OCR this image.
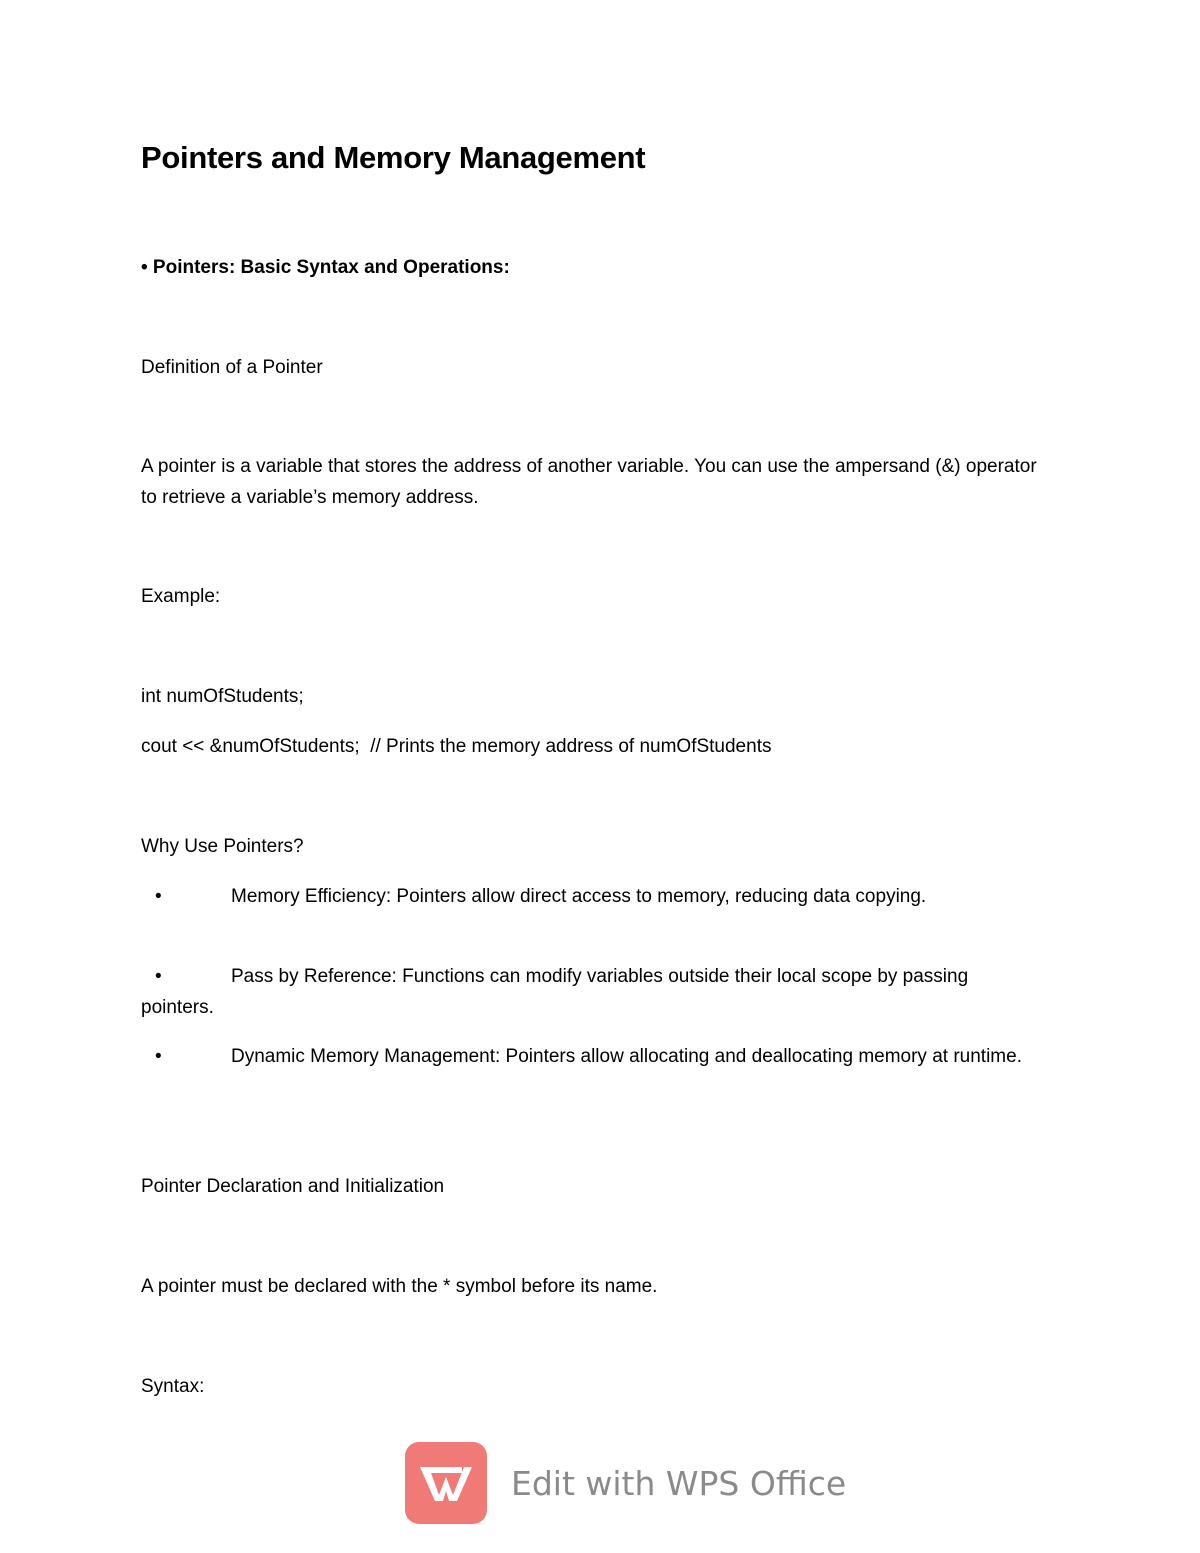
Pointers and Memory Management
• Pointers: Basic Syntax and Operations:
Definition of a Pointer
A pointer is a variable that stores the address of another variable. You can use the ampersand (&) operator to retrieve a variable’s memory address.
Example:
int numOfStudents;
cout << &numOfStudents;  // Prints the memory address of numOfStudents
Why Use Pointers?
•	Memory Efficiency: Pointers allow direct access to memory, reducing data copying.
•	Pass by Reference: Functions can modify variables outside their local scope by passing pointers.
•	Dynamic Memory Management: Pointers allow allocating and deallocating memory at runtime.
Pointer Declaration and Initialization
A pointer must be declared with the * symbol before its name.
Syntax:
Edit with WPS Office
